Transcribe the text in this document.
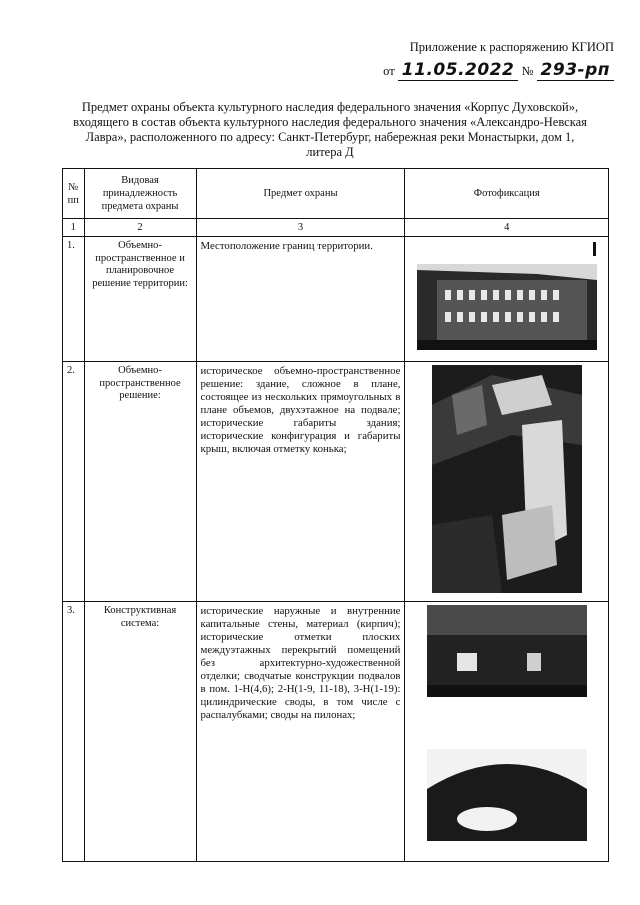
Приложение к распоряжению КГИОП
от 11.05.2022 № 293-рп
Предмет охраны объекта культурного наследия федерального значения «Корпус Духовской», входящего в состав объекта культурного наследия федерального значения «Александро-Невская Лавра», расположенного по адресу: Санкт-Петербург, набережная реки Монастырки, дом 1, литера Д
№ пп	Видовая принадлежность предмета охраны	Предмет охраны	Фотофиксация
1	2	3	4
1.	Объемно-пространственное и планировочное решение территории:	Местоположение границ территории.	

2.	Объемно-пространственное решение:	историческое объемно-пространственное решение: здание, сложное в плане, состоящее из нескольких прямоугольных в плане объемов, двухэтажное на подвале; исторические габариты здания; исторические конфигурация и габариты крыш, включая отметку конька;	

3.	Конструктивная система:	исторические наружные и внутренние капитальные стены, материал (кирпич); исторические отметки плоских междуэтажных перекрытий помещений без архитектурно-художественной отделки; сводчатые конструкции подвалов в пом. 1-Н(4,6); 2-Н(1-9, 11-18), 3-Н(1-19): цилиндрические своды, в том числе с распалубками; своды на пилонах;	
